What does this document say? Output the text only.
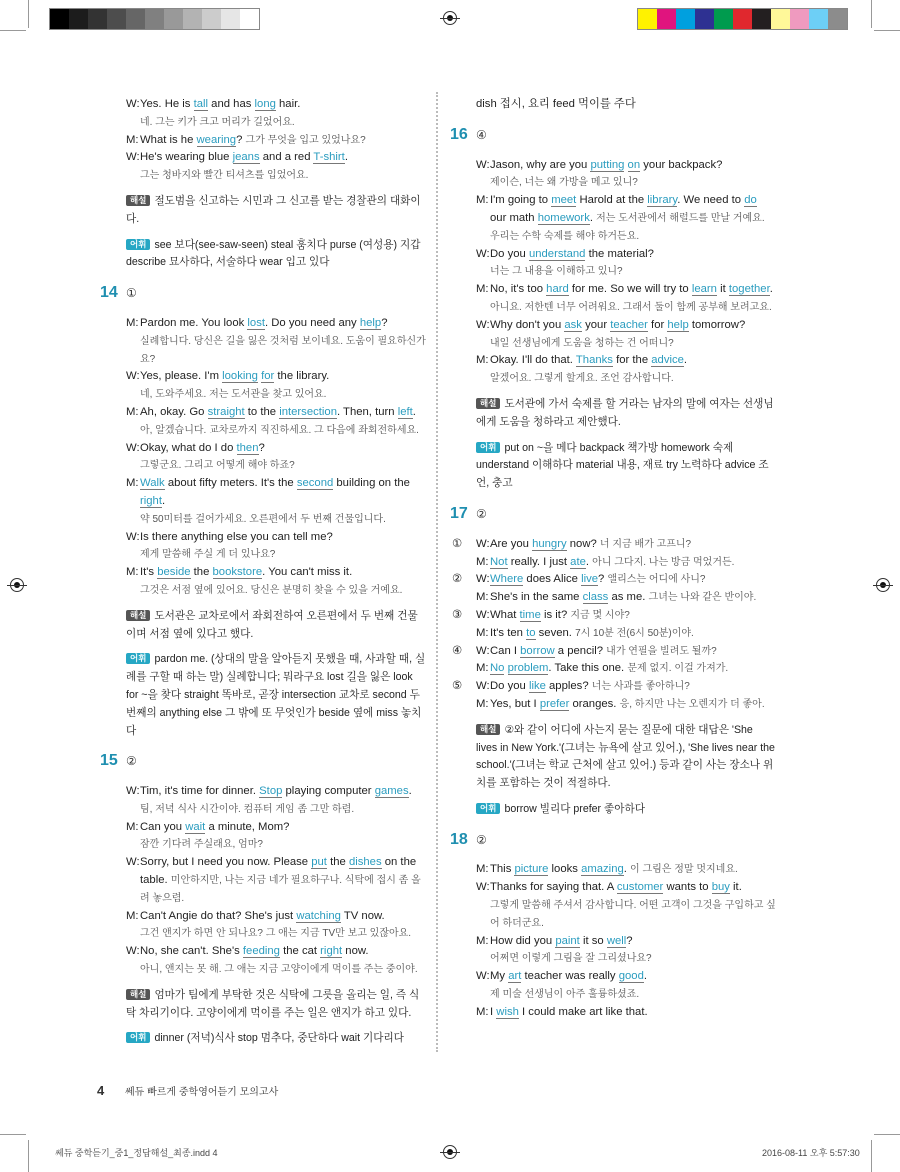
W:Yes. He is tall and has long hair.
네. 그는 키가 크고 머리가 길었어요.
M:What is he wearing? 그가 무엇을 입고 있었나요?
W:He's wearing blue jeans and a red T-shirt.
그는 청바지와 빨간 티셔츠를 입었어요.
해설 절도범을 신고하는 시민과 그 신고를 받는 경찰관의 대화이다.
어휘 see 보다(see-saw-seen) steal 훔치다 purse (여성용) 지갑 describe 묘사하다, 서술하다 wear 입고 있다
14 ①
M:Pardon me. You look lost. Do you need any help?
실례합니다. 당신은 길을 잃은 것처럼 보이네요. 도움이 필요하신가요?
W:Yes, please. I'm looking for the library.
네, 도와주세요. 저는 도서관을 찾고 있어요.
M:Ah, okay. Go straight to the intersection. Then, turn left.
아, 알겠습니다. 교차로까지 직진하세요. 그 다음에 좌회전하세요.
W:Okay, what do I do then?
그렇군요. 그리고 어떻게 해야 하죠?
M:Walk about fifty meters. It's the second building on the right.
약 50미터를 걸어가세요. 오른편에서 두 번째 건물입니다.
W:Is there anything else you can tell me?
제게 말씀해 주실 게 더 있나요?
M:It's beside the bookstore. You can't miss it.
그것은 서점 옆에 있어요. 당신은 분명히 찾을 수 있을 거예요.
해설 도서관은 교차로에서 좌회전하여 오른편에서 두 번째 건물이며 서점 옆에 있다고 했다.
어휘 pardon me. (상대의 말을 알아듣지 못했을 때, 사과할 때, 실례를 구할 때 하는 말) 실례합니다; 뭐라구요 lost 길을 잃은 look for ~을 찾다 straight 똑바로, 곧장 intersection 교차로 second 두 번째의 anything else 그 밖에 또 무엇인가 beside 옆에 miss 놓치다
15 ②
W:Tim, it's time for dinner. Stop playing computer games. 팀, 저녁 식사 시간이야. 컴퓨터 게임 좀 그만 하렴.
M:Can you wait a minute, Mom?
잠깐 기다려 주실래요, 엄마?
W:Sorry, but I need you now. Please put the dishes on the table. 미안하지만, 나는 지금 네가 필요하구나. 식탁에 접시 좀 올려 놓으렴.
M:Can't Angie do that? She's just watching TV now.
그건 앤지가 하면 안 되나요? 그 애는 지금 TV만 보고 있잖아요.
W:No, she can't. She's feeding the cat right now.
아니, 앤지는 못 해. 그 애는 지금 고양이에게 먹이를 주는 중이야.
해설 엄마가 팀에게 부탁한 것은 식탁에 그릇을 올리는 일, 즉 식탁 차리기이다. 고양이에게 먹이를 주는 일은 앤지가 하고 있다.
어휘 dinner (저녁)식사 stop 멈추다, 중단하다 wait 기다리다
dish 접시, 요리 feed 먹이를 주다
16 ④
W:Jason, why are you putting on your backpack?
제이슨, 너는 왜 가방을 메고 있니?
M:I'm going to meet Harold at the library. We need to do our math homework. 저는 도서관에서 해럴드를 만날 거예요. 우리는 수학 숙제를 해야 하거든요.
W:Do you understand the material?
너는 그 내용을 이해하고 있니?
M:No, it's too hard for me. So we will try to learn it together.
아니요. 저한텐 너무 어려워요. 그래서 둘이 함께 공부해 보려고요.
W:Why don't you ask your teacher for help tomorrow?
내일 선생님에게 도움을 청하는 건 어떠니?
M:Okay. I'll do that. Thanks for the advice.
알겠어요. 그렇게 할게요. 조언 감사합니다.
해설 도서관에 가서 숙제를 할 거라는 남자의 말에 여자는 선생님에게 도움을 청하라고 제안했다.
어휘 put on ~을 메다 backpack 책가방 homework 숙제 understand 이해하다 material 내용, 재료 try 노력하다 advice 조언, 충고
17 ②
①	W:Are you hungry now? 너 지금 배가 고프니?
M:Not really. I just ate. 아니 그다지. 나는 방금 먹었거든.
②	W:Where does Alice live? 앨리스는 어디에 사니?
M:She's in the same class as me. 그녀는 나와 같은 반이야.
③	W:What time is it? 지금 몇 시야?
M:It's ten to seven. 7시 10분 전(6시 50분)이야.
④	W:Can I borrow a pencil? 내가 연필을 빌려도 될까?
M:No problem. Take this one. 문제 없지. 이걸 가져가.
⑤	W:Do you like apples? 너는 사과를 좋아하니?
M:Yes, but I prefer oranges. 응, 하지만 나는 오렌지가 더 좋아.
해설 ②와 같이 어디에 사는지 묻는 질문에 대한 대답은 'She lives in New York.'(그녀는 뉴욕에 살고 있어.), 'She lives near the school.'(그녀는 학교 근처에 살고 있어.) 등과 같이 사는 장소나 위치를 포함하는 것이 적절하다.
어휘 borrow 빌리다 prefer 좋아하다
18 ②
M:This picture looks amazing. 이 그림은 정말 멋지네요.
W:Thanks for saying that. A customer wants to buy it.
그렇게 말씀해 주셔서 감사합니다. 어떤 고객이 그것을 구입하고 싶어 하더군요.
M:How did you paint it so well?
어쩌면 이렇게 그림을 잘 그리셨나요?
W:My art teacher was really good.
제 미술 선생님이 아주 훌륭하셨죠.
M:I wish I could make art like that.
4 쎄듀 빠르게 중학영어듣기 모의고사
쎄듀 중학듣기_중1_정답해설_최종.indd 4	2016-08-11 오후 5:57:30
